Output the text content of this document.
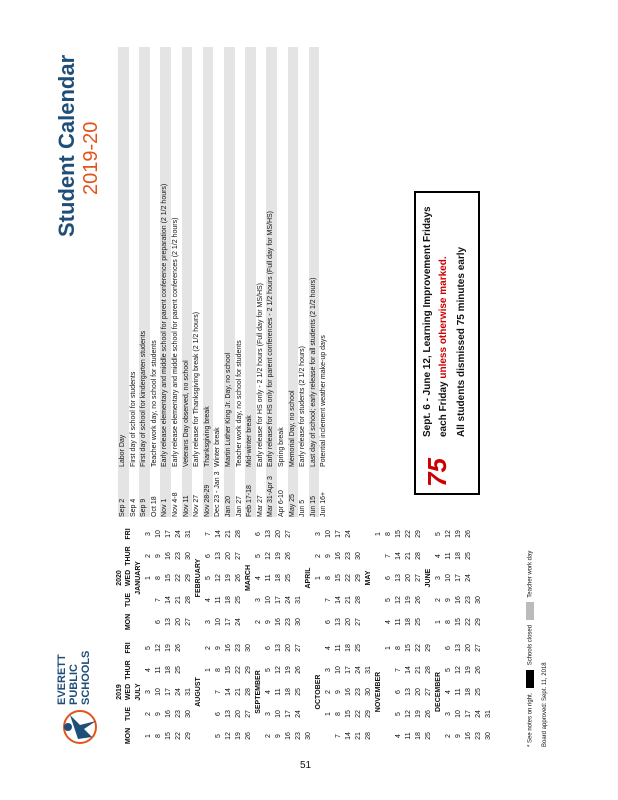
EVERETT PUBLIC SCHOOLS
Student Calendar 2019-20
2019
MON	TUE	WED	THUR	FRI
JULY				
1	2	3	4	5
8	9	10	11	12
15	16	17	18	19
22	23	24	25	26
29	30	31		
AUGUST				
			1	2
5	6	7	8	9
12	13	14	15	16
19	20	21	22	23
26	27	28	29	30
SEPTEMBER				
2	3	4	5	6
9	10	11	12	13
16	17	18	19	20
23	24	25	26	27
30				
OCTOBER				
	1	2	3	4
7	8	9	10	11
14	15	16	17	18
21	22	23	24	25
28	29	30	31	
NOVEMBER				
				1
4	5	6	7	8
11	12	13	14	15
18	19	20	21	22
25	26	27	28	29
DECEMBER				
2	3	4	5	6
9	10	11	12	13
16	17	18	19	20
23	24	25	26	27
30	31			
2020
MON	TUE	WED	THUR	FRI
JANUARY				
		1	2	3
6	7	8	9	10
13	14	15	16	17
20	21	22	23	24
27	28	29	30	31
FEBRUARY				
3	4	5	6	7
10	11	12	13	14
17	18	19	20	21
24	25	26	27	28
MARCH				
2	3	4	5	6
9	10	11	12	13
16	17	18	19	20
23	24	25	26	27
30	31			
APRIL				
		1	2	3
6	7	8	9	10
13	14	15	16	17
20	21	22	23	24
27	28	29	30	
MAY				
				1
4	5	6	7	8
11	12	13	14	15
18	19	20	21	22
25	26	27	28	29
JUNE				
1	2	3	4	5
8	9	10	11	12
15	16	17	18	19
22	23	24	25	26
29	30			
Sep 2
Labor Day
Sep 4
First day of school for students
Sep 9
First day of school for kindergarten students
Oct 18
Teacher work day, no school for students
Nov 1
Early release elementary and middle school for parent conference preparation (2 1/2 hours)
Nov 4-8
Early release elementary and middle school for parent conferences (2 1/2 hours)
Nov 11
Veterans Day observed, no school
Nov 27
Early release for Thanksgiving break (2 1/2 hours)
Nov 28-29
Thanksgiving break
Dec 23 - Jan 3
Winter break
Jan 20
Martin Luther King Jr. Day, no school
Jan 27
Teacher work day, no school for students
Feb 17-18
Mid-winter break
Mar 27
Early release for HS only - 2 1/2 hours (Full day for MS/HS)
Mar 31-Apr 3
Early release for HS only for parent conferences - 2 1/2 hours (Full day for MS/HS)
Apr 6-10
Spring break
May 25
Memorial Day, no school
Jun 5
Early release for students (2 1/2 hours)
Jun 15
Last day of school; early release for all students (2 1/2 hours)
Jun 16+
Potential inclement weather make-up days
75
Sept. 6 - June 12, Learning Improvement Fridays each Friday unless otherwise marked. All students dismissed 75 minutes early
* See notes on right.  Schools closed  Teacher work day
Board approved: Sept. 11, 2018
51
